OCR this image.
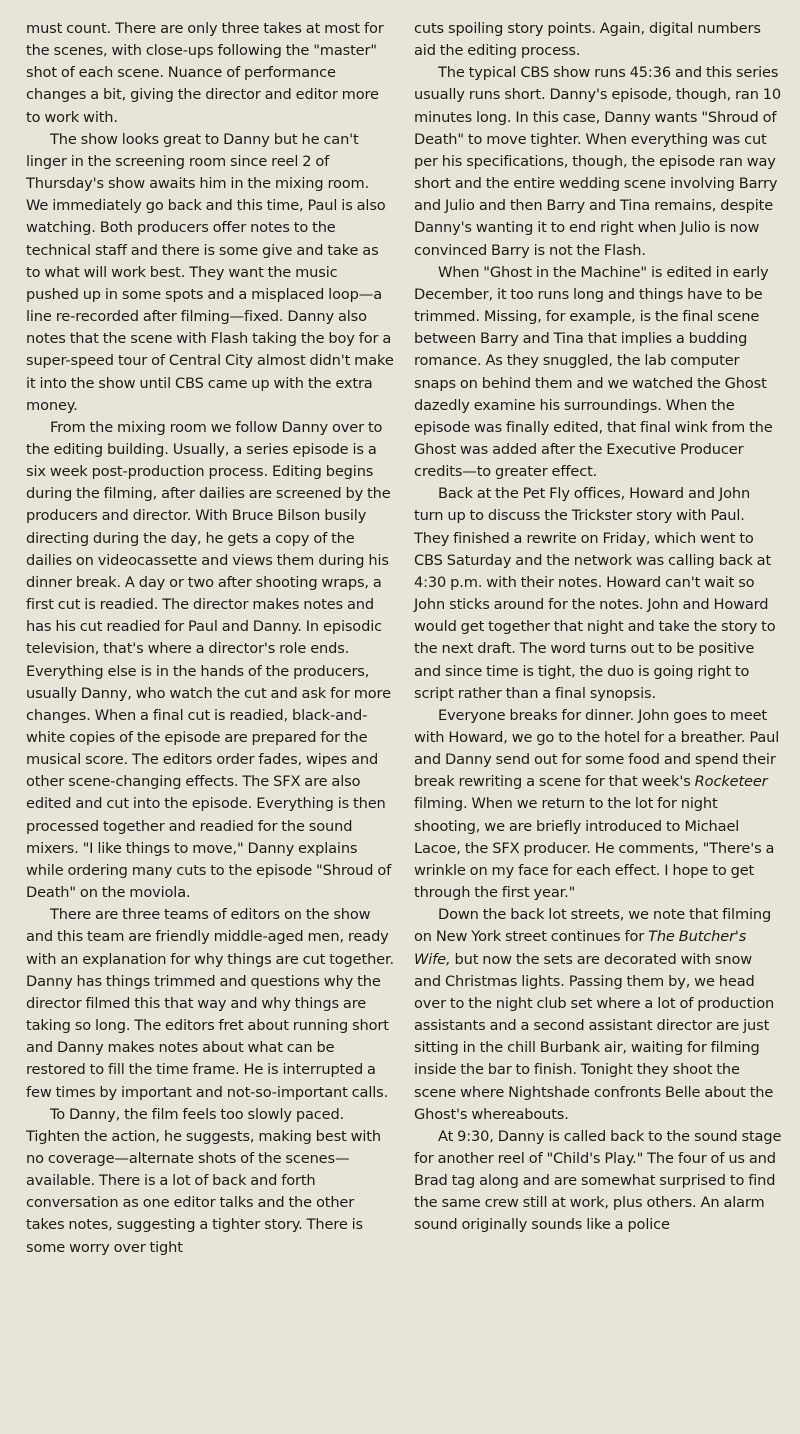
must count. There are only three takes at most for the scenes, with close-ups following the "master" shot of each scene. Nuance of performance changes a bit, giving the director and editor more to work with.

The show looks great to Danny but he can't linger in the screening room since reel 2 of Thursday's show awaits him in the mixing room. We immediately go back and this time, Paul is also watching. Both producers offer notes to the technical staff and there is some give and take as to what will work best. They want the music pushed up in some spots and a misplaced loop—a line re-recorded after filming—fixed. Danny also notes that the scene with Flash taking the boy for a super-speed tour of Central City almost didn't make it into the show until CBS came up with the extra money.

From the mixing room we follow Danny over to the editing building. Usually, a series episode is a six week post-production process. Editing begins during the filming, after dailies are screened by the producers and director. With Bruce Bilson busily directing during the day, he gets a copy of the dailies on videocassette and views them during his dinner break. A day or two after shooting wraps, a first cut is readied. The director makes notes and has his cut readied for Paul and Danny. In episodic television, that's where a director's role ends. Everything else is in the hands of the producers, usually Danny, who watch the cut and ask for more changes. When a final cut is readied, black-and-white copies of the episode are prepared for the musical score. The editors order fades, wipes and other scene-changing effects. The SFX are also edited and cut into the episode. Everything is then processed together and readied for the sound mixers. "I like things to move," Danny explains while ordering many cuts to the episode "Shroud of Death" on the moviola.

There are three teams of editors on the show and this team are friendly middle-aged men, ready with an explanation for why things are cut together. Danny has things trimmed and questions why the director filmed this that way and why things are taking so long. The editors fret about running short and Danny makes notes about what can be restored to fill the time frame. He is interrupted a few times by important and not-so-important calls.

To Danny, the film feels too slowly paced. Tighten the action, he suggests, making best with no coverage—alternate shots of the scenes—available. There is a lot of back and forth conversation as one editor talks and the other takes notes, suggesting a tighter story. There is some worry over tight

cuts spoiling story points. Again, digital numbers aid the editing process.

The typical CBS show runs 45:36 and this series usually runs short. Danny's episode, though, ran 10 minutes long. In this case, Danny wants "Shroud of Death" to move tighter. When everything was cut per his specifications, though, the episode ran way short and the entire wedding scene involving Barry and Julio and then Barry and Tina remains, despite Danny's wanting it to end right when Julio is now convinced Barry is not the Flash.

When "Ghost in the Machine" is edited in early December, it too runs long and things have to be trimmed. Missing, for example, is the final scene between Barry and Tina that implies a budding romance. As they snuggled, the lab computer snaps on behind them and we watched the Ghost dazedly examine his surroundings. When the episode was finally edited, that final wink from the Ghost was added after the Executive Producer credits—to greater effect.

Back at the Pet Fly offices, Howard and John turn up to discuss the Trickster story with Paul. They finished a rewrite on Friday, which went to CBS Saturday and the network was calling back at 4:30 p.m. with their notes. Howard can't wait so John sticks around for the notes. John and Howard would get together that night and take the story to the next draft. The word turns out to be positive and since time is tight, the duo is going right to script rather than a final synopsis.

Everyone breaks for dinner. John goes to meet with Howard, we go to the hotel for a breather. Paul and Danny send out for some food and spend their break rewriting a scene for that week's Rocketeer filming. When we return to the lot for night shooting, we are briefly introduced to Michael Lacoe, the SFX producer. He comments, "There's a wrinkle on my face for each effect. I hope to get through the first year."

Down the back lot streets, we note that filming on New York street continues for The Butcher's Wife, but now the sets are decorated with snow and Christmas lights. Passing them by, we head over to the night club set where a lot of production assistants and a second assistant director are just sitting in the chill Burbank air, waiting for filming inside the bar to finish. Tonight they shoot the scene where Nightshade confronts Belle about the Ghost's whereabouts.

At 9:30, Danny is called back to the sound stage for another reel of "Child's Play." The four of us and Brad tag along and are somewhat surprised to find the same crew still at work, plus others. An alarm sound originally sounds like a police
